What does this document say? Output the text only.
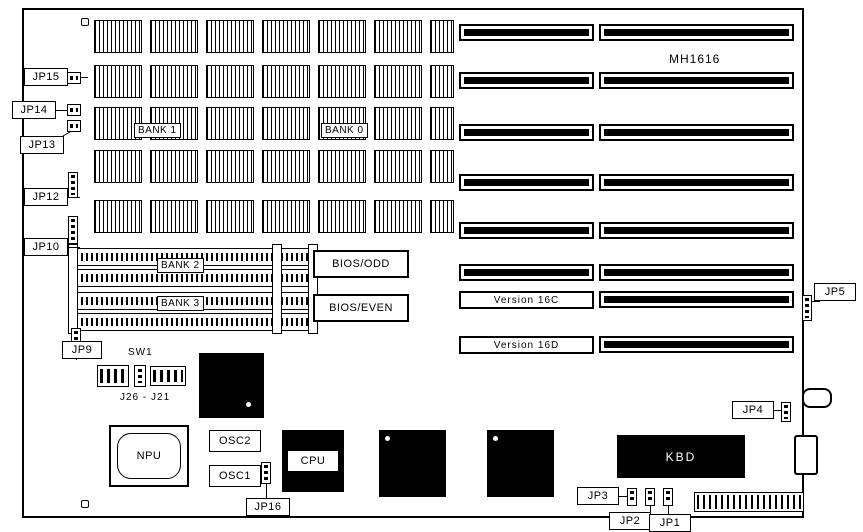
BANK 1	BANK 0
BANK 2
BANK 3
BIOS/ODD
BIOS/EVEN
Version 16C
Version 16D
MH1616
NPU
OSC2
OSC1
CPU
SW1
J26 - J21
KBD
JP15
JP14
JP13
JP12
JP10
JP9
JP16
JP5
JP4
JP3
JP2	JP1
